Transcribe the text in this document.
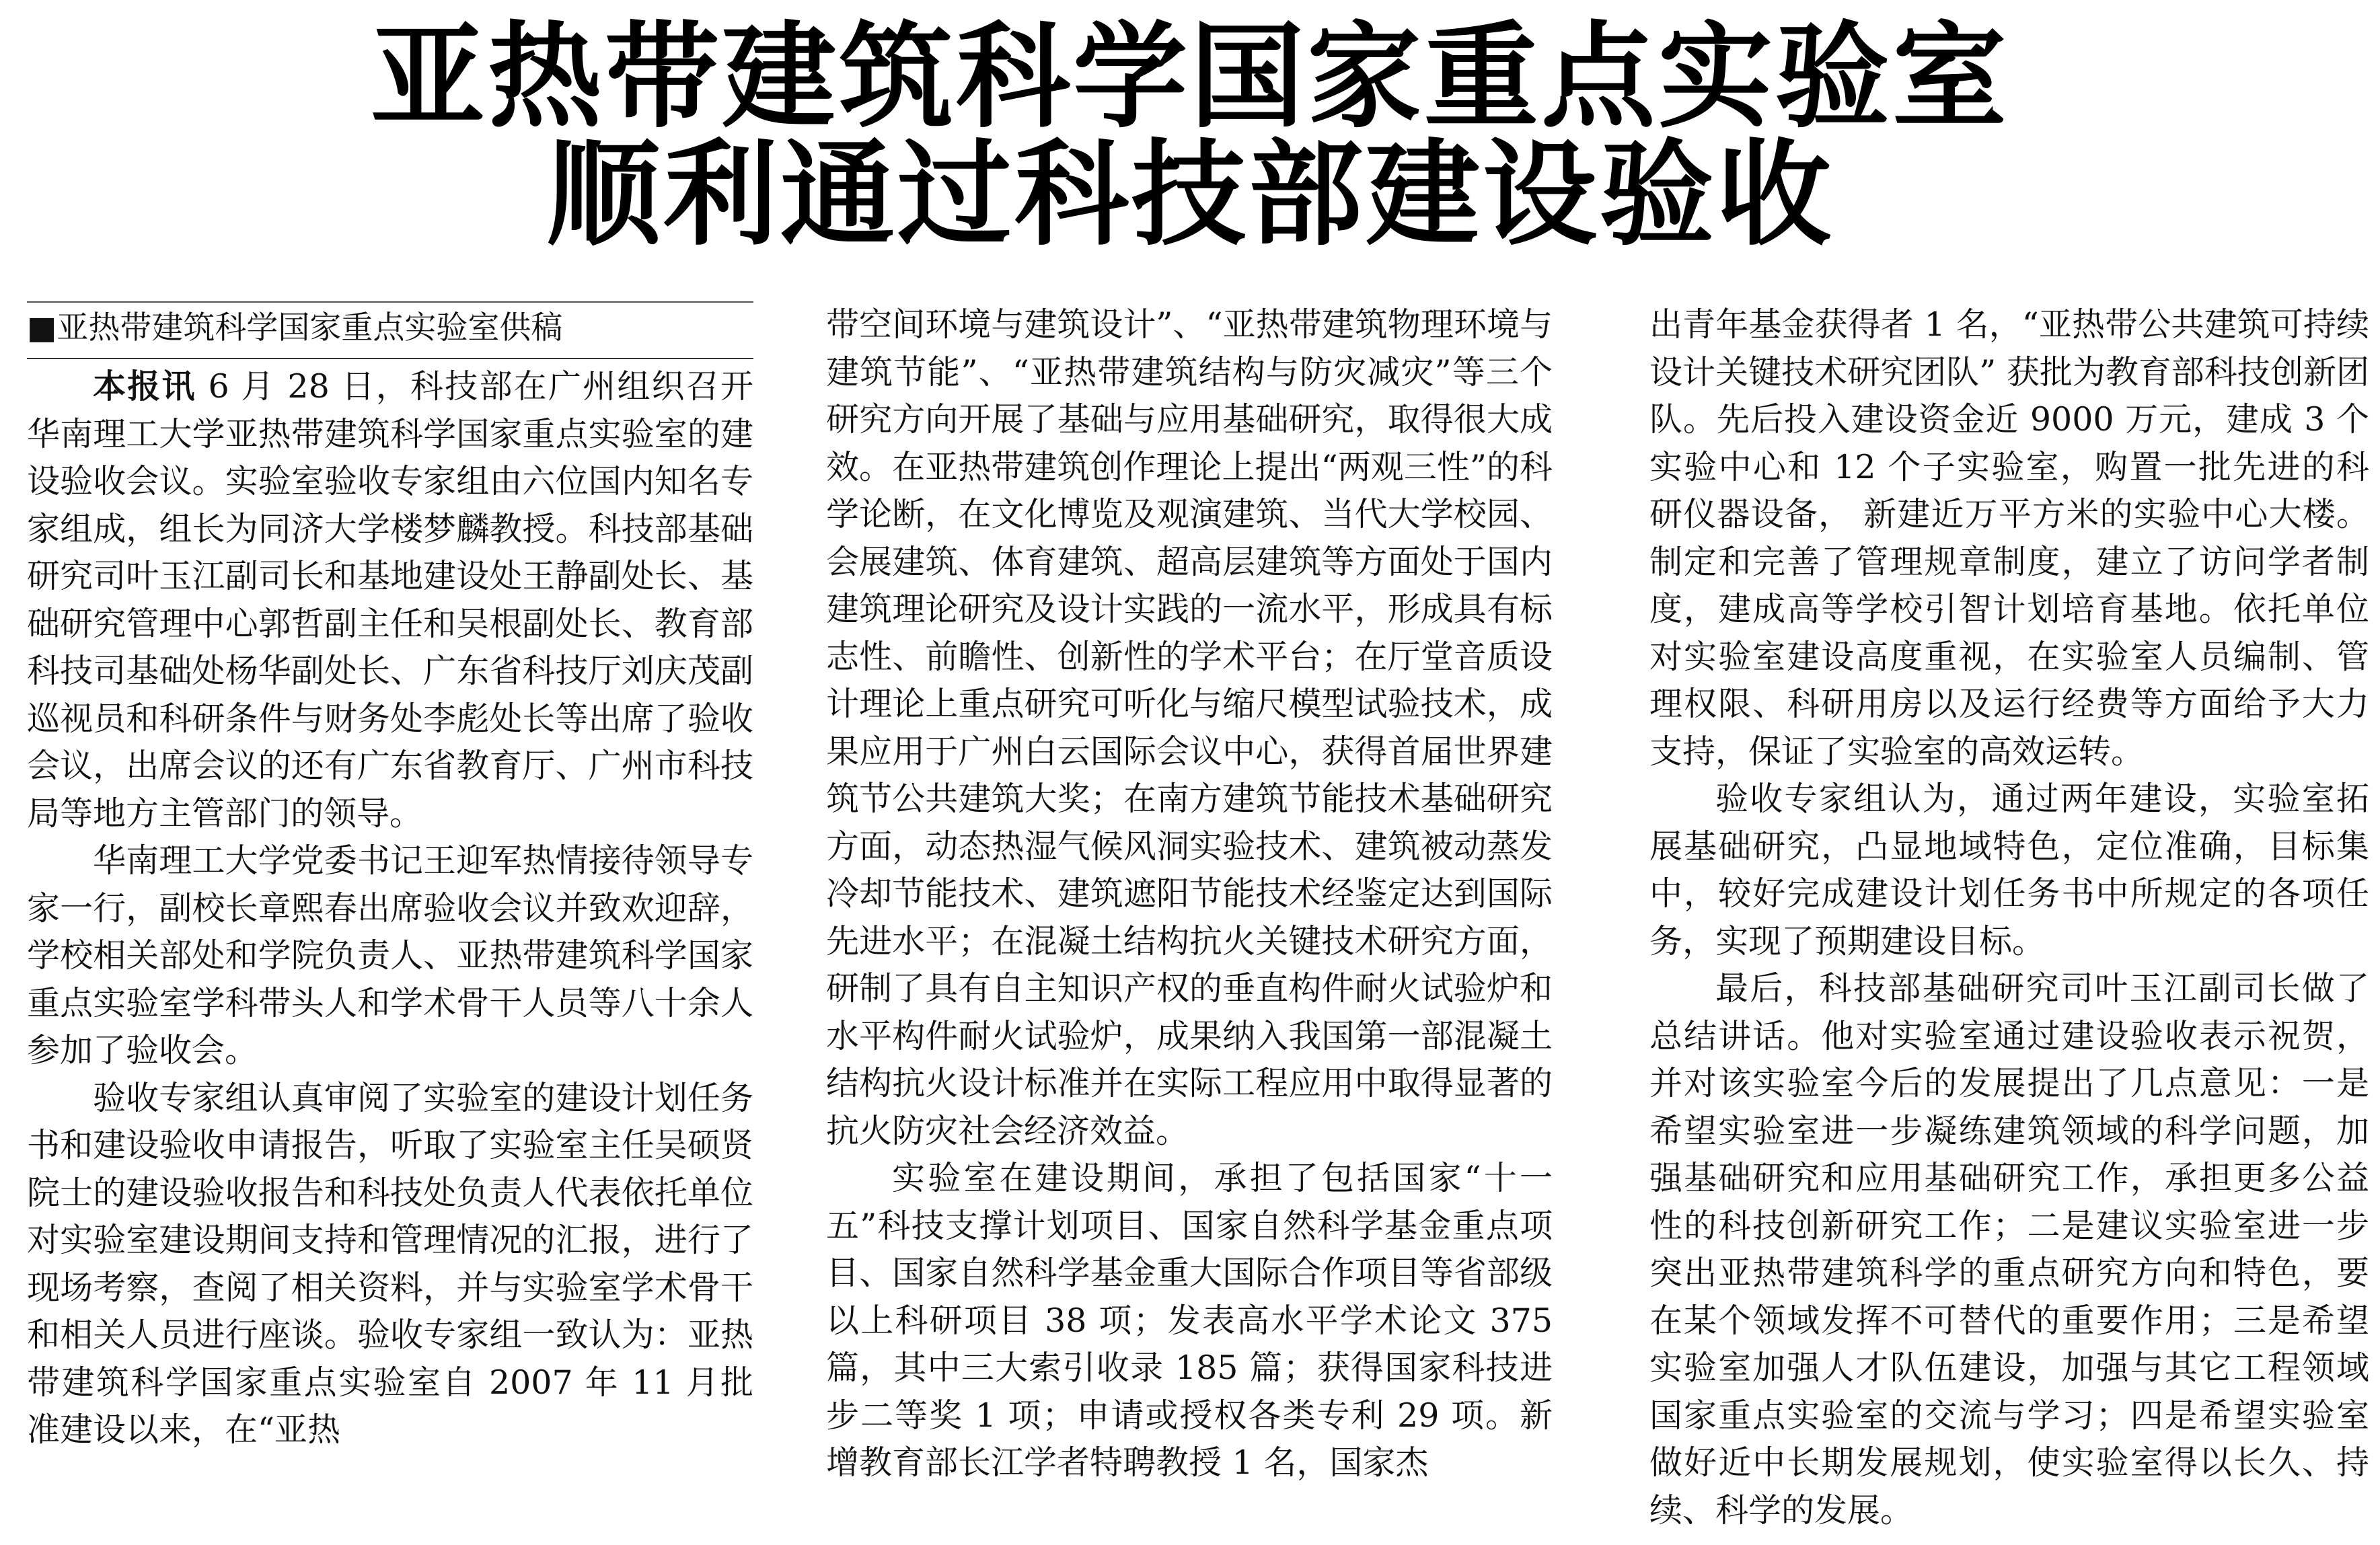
亚热带建筑科学国家重点实验室
顺利通过科技部建设验收
■亚热带建筑科学国家重点实验室供稿

本报讯 6 月 28 日，科技部在广州组织召开华南理工大学亚热带建筑科学国家重点实验室的建设验收会议。实验室验收专家组由六位国内知名专家组成，组长为同济大学楼梦麟教授。科技部基础研究司叶玉江副司长和基地建设处王静副处长、基础研究管理中心郭哲副主任和吴根副处长、教育部科技司基础处杨华副处长、广东省科技厅刘庆茂副巡视员和科研条件与财务处李彪处长等出席了验收会议，出席会议的还有广东省教育厅、广州市科技局等地方主管部门的领导。

华南理工大学党委书记王迎军热情接待领导专家一行，副校长章熙春出席验收会议并致欢迎辞，学校相关部处和学院负责人、亚热带建筑科学国家重点实验室学科带头人和学术骨干人员等八十余人参加了验收会。

验收专家组认真审阅了实验室的建设计划任务书和建设验收申请报告，听取了实验室主任吴硕贤院士的建设验收报告和科技处负责人代表依托单位对实验室建设期间支持和管理情况的汇报，进行了现场考察，查阅了相关资料，并与实验室学术骨干和相关人员进行座谈。验收专家组一致认为：亚热带建筑科学国家重点实验室自 2007 年 11 月批准建设以来，在“亚热

带空间环境与建筑设计”、“亚热带建筑物理环境与建筑节能”、“亚热带建筑结构与防灾减灾”等三个研究方向开展了基础与应用基础研究，取得很大成效。在亚热带建筑创作理论上提出“两观三性”的科学论断，在文化博览及观演建筑、当代大学校园、会展建筑、体育建筑、超高层建筑等方面处于国内建筑理论研究及设计实践的一流水平，形成具有标志性、前瞻性、创新性的学术平台；在厅堂音质设计理论上重点研究可听化与缩尺模型试验技术，成果应用于广州白云国际会议中心，获得首届世界建筑节公共建筑大奖；在南方建筑节能技术基础研究方面，动态热湿气候风洞实验技术、建筑被动蒸发冷却节能技术、建筑遮阳节能技术经鉴定达到国际先进水平；在混凝土结构抗火关键技术研究方面，研制了具有自主知识产权的垂直构件耐火试验炉和水平构件耐火试验炉，成果纳入我国第一部混凝土结构抗火设计标准并在实际工程应用中取得显著的抗火防灾社会经济效益。

实验室在建设期间，承担了包括国家“十一五”科技支撑计划项目、国家自然科学基金重点项目、国家自然科学基金重大国际合作项目等省部级以上科研项目 38 项；发表高水平学术论文 375 篇，其中三大索引收录 185 篇；获得国家科技进步二等奖 1 项；申请或授权各类专利 29 项。新增教育部长江学者特聘教授 1 名，国家杰

出青年基金获得者 1 名，“亚热带公共建筑可持续设计关键技术研究团队” 获批为教育部科技创新团队。先后投入建设资金近 9000 万元，建成 3 个实验中心和 12 个子实验室，购置一批先进的科研仪器设备， 新建近万平方米的实验中心大楼。制定和完善了管理规章制度，建立了访问学者制度，建成高等学校引智计划培育基地。依托单位对实验室建设高度重视，在实验室人员编制、管理权限、科研用房以及运行经费等方面给予大力支持，保证了实验室的高效运转。

验收专家组认为，通过两年建设，实验室拓展基础研究，凸显地域特色，定位准确，目标集中，较好完成建设计划任务书中所规定的各项任务，实现了预期建设目标。

最后，科技部基础研究司叶玉江副司长做了总结讲话。他对实验室通过建设验收表示祝贺，并对该实验室今后的发展提出了几点意见：一是希望实验室进一步凝练建筑领域的科学问题，加强基础研究和应用基础研究工作，承担更多公益性的科技创新研究工作；二是建议实验室进一步突出亚热带建筑科学的重点研究方向和特色，要在某个领域发挥不可替代的重要作用；三是希望实验室加强人才队伍建设，加强与其它工程领域国家重点实验室的交流与学习；四是希望实验室做好近中长期发展规划，使实验室得以长久、持续、科学的发展。
